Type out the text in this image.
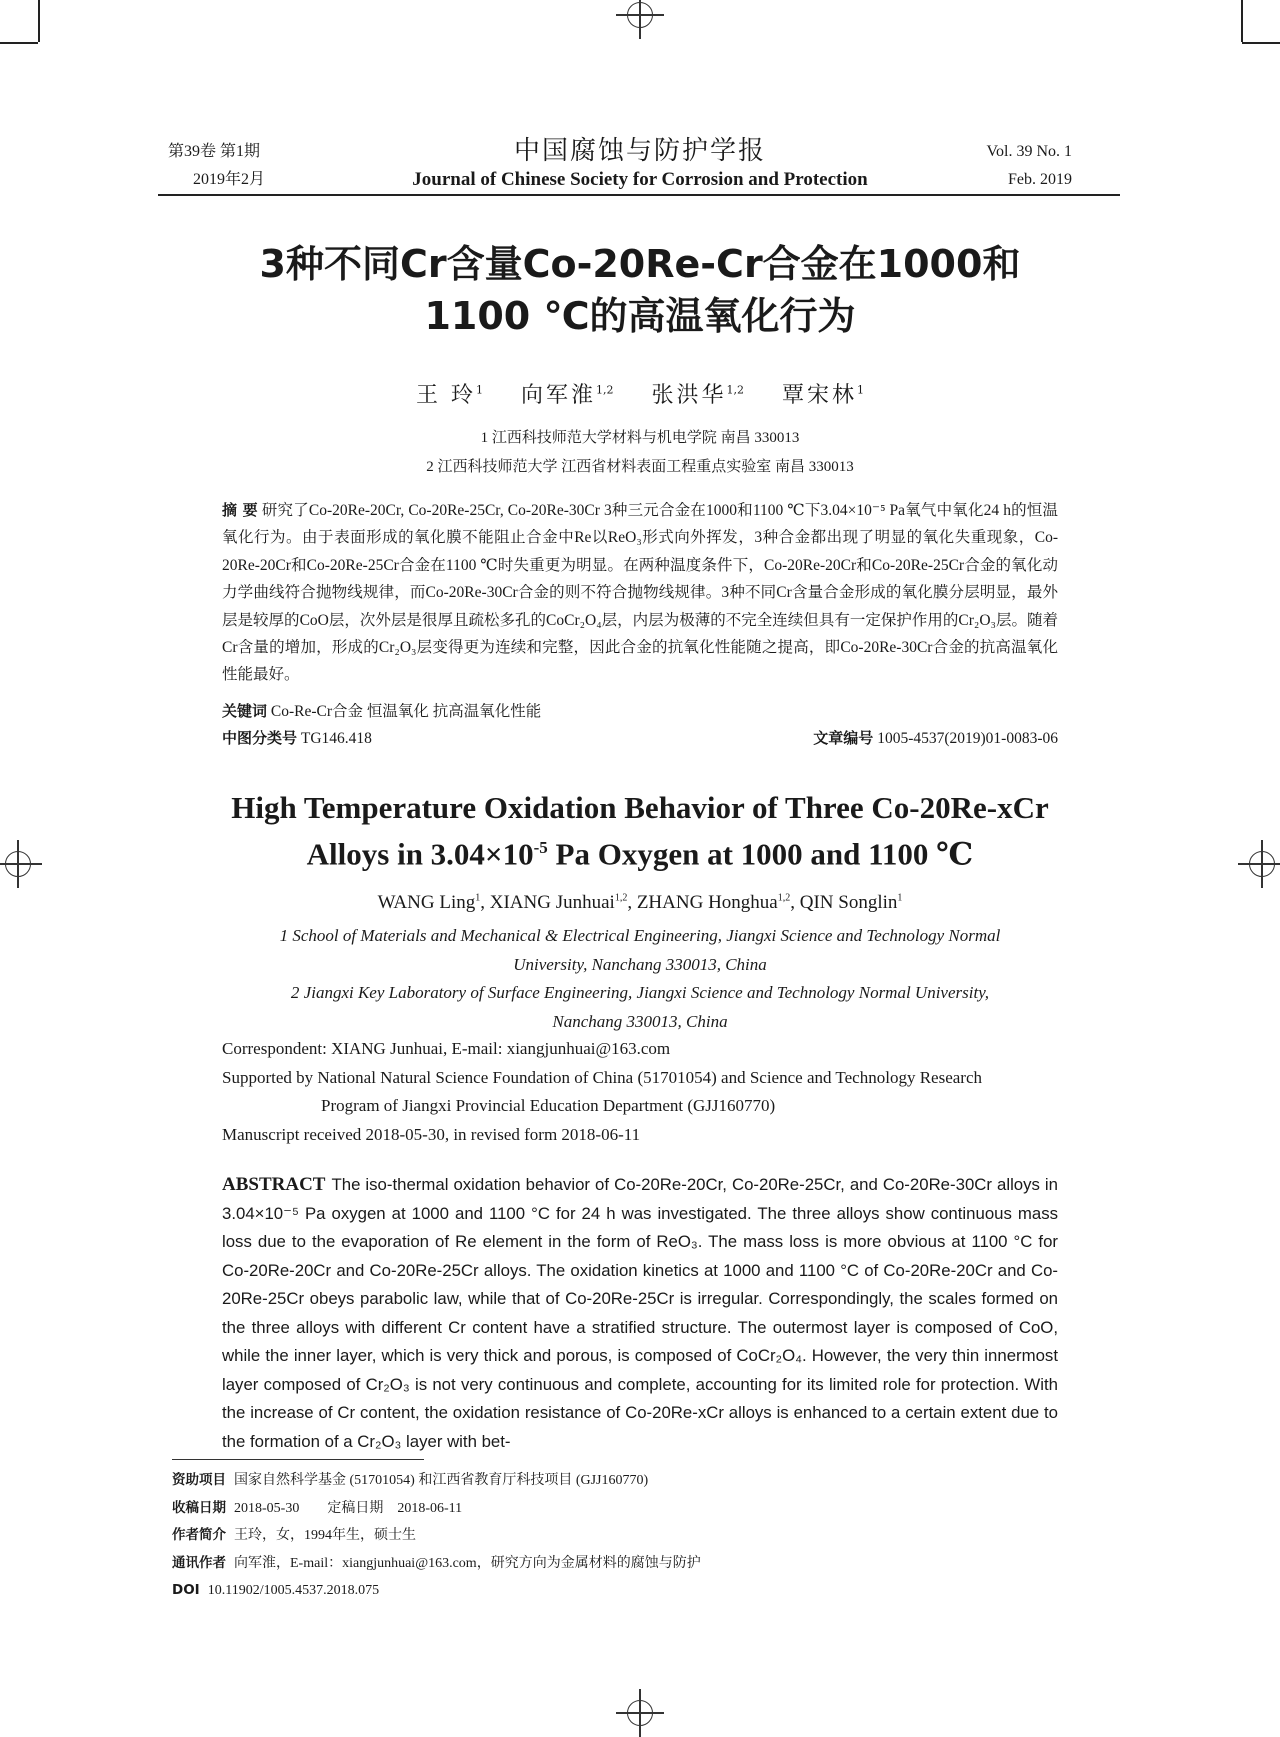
第39卷 第1期
2019年2月
中国腐蚀与防护学报
Journal of Chinese Society for Corrosion and Protection
Vol. 39 No. 1
Feb. 2019
3种不同Cr含量Co-20Re-Cr合金在1000和
1100 ℃的高温氧化行为
王 玲$^1$ 向军淮$^{1,2}$ 张洪华$^{1,2}$ 覃宋林$^1$
1 江西科技师范大学材料与机电学院 南昌 330013
2 江西科技师范大学 江西省材料表面工程重点实验室 南昌 330013
摘 要 研究了Co-20Re-20Cr, Co-20Re-25Cr, Co-20Re-30Cr 3种三元合金在1000和1100 ℃下3.04×10⁻⁵ Pa氧气中氧化24 h的恒温氧化行为。由于表面形成的氧化膜不能阻止合金中Re以ReO₃形式向外挥发，3种合金都出现了明显的氧化失重现象，Co-20Re-20Cr和Co-20Re-25Cr合金在1100 ℃时失重更为明显。在两种温度条件下，Co-20Re-20Cr和Co-20Re-25Cr合金的氧化动力学曲线符合抛物线规律，而Co-20Re-30Cr合金的则不符合抛物线规律。3种不同Cr含量合金形成的氧化膜分层明显，最外层是较厚的CoO层，次外层是很厚且疏松多孔的CoCr₂O₄层，内层为极薄的不完全连续但具有一定保护作用的Cr₂O₃层。随着Cr含量的增加，形成的Cr₂O₃层变得更为连续和完整，因此合金的抗氧化性能随之提高，即Co-20Re-30Cr合金的抗高温氧化性能最好。
关键词 Co-Re-Cr合金 恒温氧化 抗高温氧化性能
中图分类号 TG146.418	文章编号 1005-4537(2019)01-0083-06
High Temperature Oxidation Behavior of Three Co-20Re-xCr
Alloys in $3.04\times 10^{-5}$ Pa Oxygen at 1000 and 1100 ℃
WANG Ling$^1$, XIANG Junhuai$^{1,2}$, ZHANG Honghua$^{1,2}$, QIN Songlin$^1$
1 School of Materials and Mechanical & Electrical Engineering, Jiangxi Science and Technology Normal
University, Nanchang 330013, China
2 Jiangxi Key Laboratory of Surface Engineering, Jiangxi Science and Technology Normal University,
Nanchang 330013, China
Correspondent: XIANG Junhuai, E-mail: xiangjunhuai@163.com
Supported by National Natural Science Foundation of China (51701054) and Science and Technology Research
Program of Jiangxi Provincial Education Department (GJJ160770)
Manuscript received 2018-05-30, in revised form 2018-06-11
ABSTRACT The iso-thermal oxidation behavior of Co-20Re-20Cr, Co-20Re-25Cr, and Co-20Re-30Cr alloys in 3.04×10⁻⁵ Pa oxygen at 1000 and 1100 °C for 24 h was investigated. The three alloys show continuous mass loss due to the evaporation of Re element in the form of ReO₃. The mass loss is more obvious at 1100 °C for Co-20Re-20Cr and Co-20Re-25Cr alloys. The oxidation kinetics at 1000 and 1100 °C of Co-20Re-20Cr and Co-20Re-25Cr obeys parabolic law, while that of Co-20Re-25Cr is irregular. Correspondingly, the scales formed on the three alloys with different Cr content have a stratified structure. The outermost layer is composed of CoO, while the inner layer, which is very thick and porous, is composed of CoCr₂O₄. However, the very thin innermost layer composed of Cr₂O₃ is not very continuous and complete, accounting for its limited role for protection. With the increase of Cr content, the oxidation resistance of Co-20Re-xCr alloys is enhanced to a certain extent due to the formation of a Cr₂O₃ layer with bet-
资助项目 国家自然科学基金 (51701054) 和江西省教育厅科技项目 (GJJ160770)
收稿日期 2018-05-30　　定稿日期　2018-06-11
作者简介 王玲，女，1994年生，硕士生
通讯作者 向军淮，E-mail：xiangjunhuai@163.com，研究方向为金属材料的腐蚀与防护
DOI 10.11902/1005.4537.2018.075
